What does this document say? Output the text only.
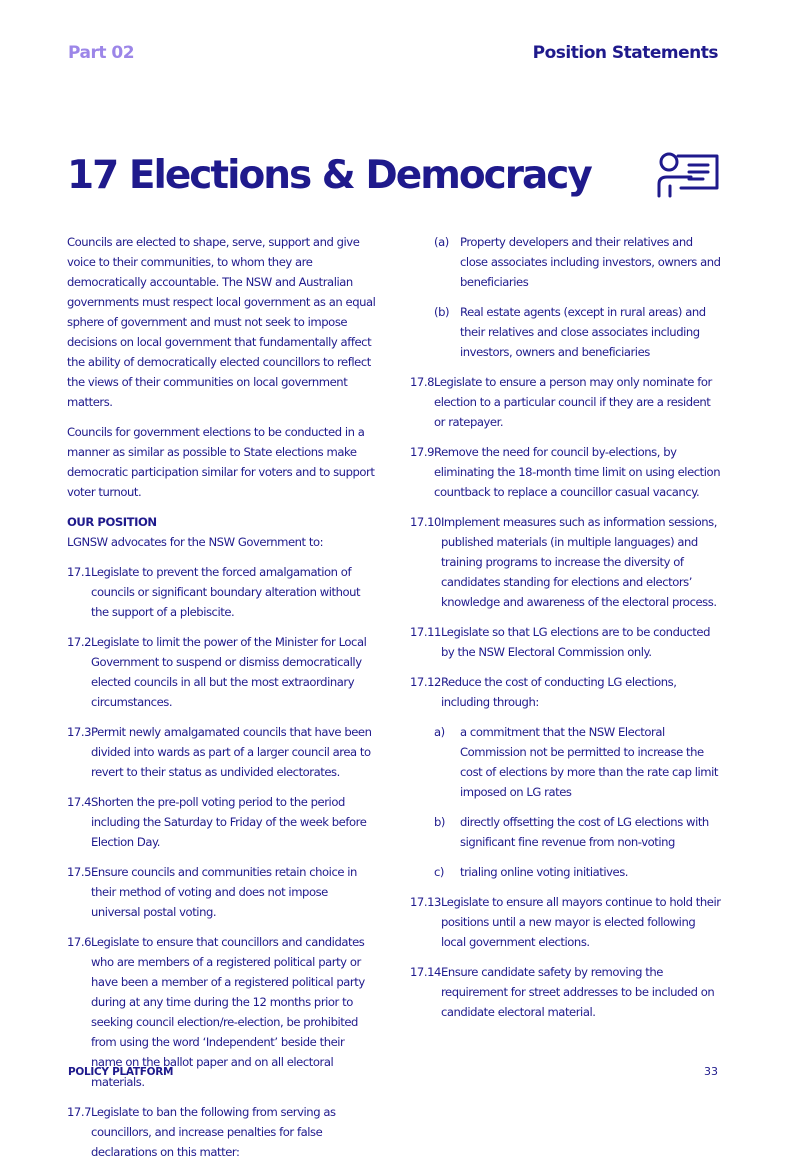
Part 02	Position Statements
17 Elections & Democracy

Councils are elected to shape, serve, support and give voice to their communities, to whom they are democratically accountable. The NSW and Australian governments must respect local government as an equal sphere of government and must not seek to impose decisions on local government that fundamentally affect the ability of democratically elected councillors to reflect the views of their communities on local government matters.

Councils for government elections to be conducted in a manner as similar as possible to State elections make democratic participation similar for voters and to support voter turnout.

OUR POSITION

LGNSW advocates for the NSW Government to:

17.1 Legislate to prevent the forced amalgamation of councils or significant boundary alteration without the support of a plebiscite.
17.2 Legislate to limit the power of the Minister for Local Government to suspend or dismiss democratically elected councils in all but the most extraordinary circumstances.
17.3 Permit newly amalgamated councils that have been divided into wards as part of a larger council area to revert to their status as undivided electorates.
17.4 Shorten the pre-poll voting period to the period including the Saturday to Friday of the week before Election Day.
17.5 Ensure councils and communities retain choice in their method of voting and does not impose universal postal voting.
17.6 Legislate to ensure that councillors and candidates who are members of a registered political party or have been a member of a registered political party during at any time during the 12 months prior to seeking council election/re-election, be prohibited from using the word ‘Independent’ beside their name on the ballot paper and on all electoral materials.
17.7 Legislate to ban the following from serving as councillors, and increase penalties for false declarations on this matter:
(a) Property developers and their relatives and close associates including investors, owners and beneficiaries
(b) Real estate agents (except in rural areas) and their relatives and close associates including investors, owners and beneficiaries
17.8 Legislate to ensure a person may only nominate for election to a particular council if they are a resident or ratepayer.
17.9 Remove the need for council by-elections, by eliminating the 18-month time limit on using election countback to replace a councillor casual vacancy.
17.10 Implement measures such as information sessions, published materials (in multiple languages) and training programs to increase the diversity of candidates standing for elections and electors’ knowledge and awareness of the electoral process.
17.11 Legislate so that LG elections are to be conducted by the NSW Electoral Commission only.
17.12 Reduce the cost of conducting LG elections, including through:
a)	a commitment that the NSW Electoral Commission not be permitted to increase the cost of elections by more than the rate cap limit imposed on LG rates
b)	directly offsetting the cost of LG elections with significant fine revenue from non-voting
c)	trialing online voting initiatives.
17.13 Legislate to ensure all mayors continue to hold their positions until a new mayor is elected following local government elections.
17.14 Ensure candidate safety by removing the requirement for street addresses to be included on candidate electoral material.
POLICY PLATFORM	33
